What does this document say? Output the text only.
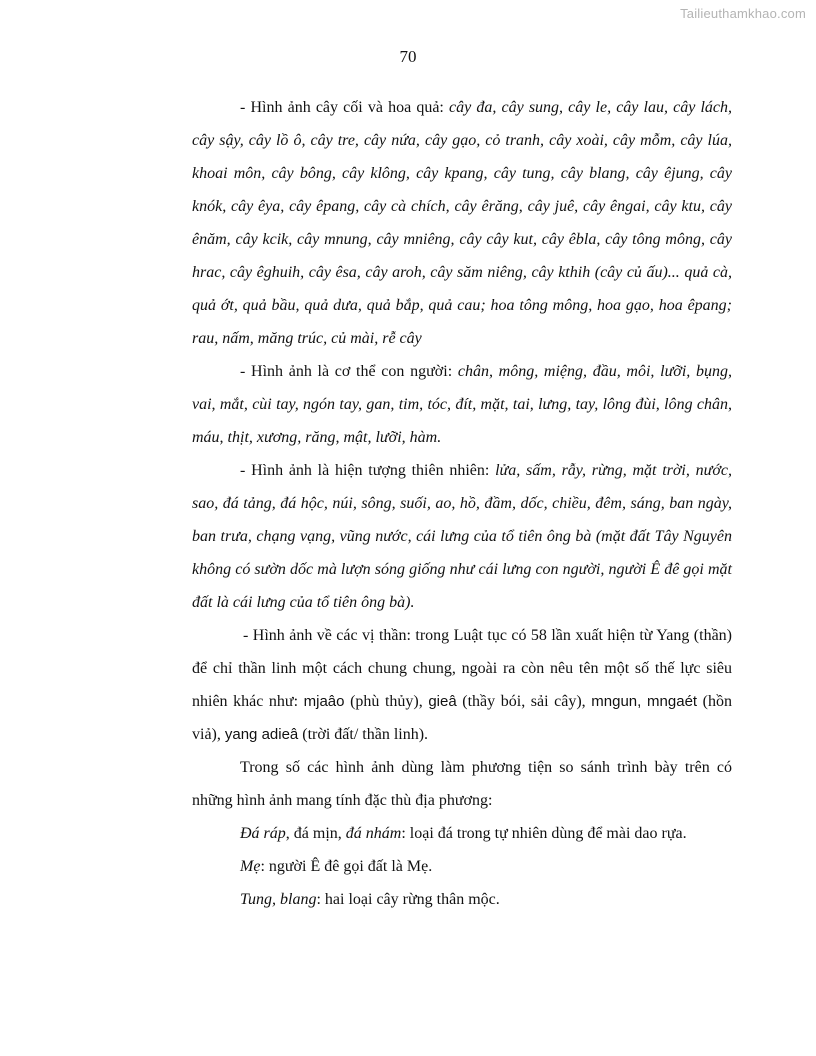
Tailieuthamkhao.com
70

- Hình ảnh cây cối và hoa quả: cây đa, cây sung, cây le, cây lau, cây lách, cây sậy, cây lồ ô, cây tre, cây nứa, cây gạo, cỏ tranh, cây xoài, cây mỗm, cây lúa, khoai môn, cây bông, cây klông, cây kpang, cây tung, cây blang, cây êjung, cây knók, cây êya, cây êpang, cây cà chích, cây êrăng, cây juê, cây êngai, cây ktu, cây ênăm, cây kcik, cây mnung, cây mniêng, cây cây kut, cây êbla, cây tông mông, cây hrac, cây êghuih, cây êsa, cây aroh, cây săm niêng, cây kthih (cây củ ấu)... quả cà, quả ớt, quả bầu, quả dưa, quả bắp, quả cau; hoa tông mông, hoa gạo, hoa êpang; rau, nấm, măng trúc, củ mài, rễ cây

- Hình ảnh là cơ thể con người: chân, mông, miệng, đầu, môi, lưỡi, bụng, vai, mắt, cùi tay, ngón tay, gan, tim, tóc, đít, mặt, tai, lưng, tay, lông đùi, lông chân, máu, thịt, xương, răng, mật, lưỡi, hàm.

- Hình ảnh là hiện tượng thiên nhiên: lửa, sấm, rẫy, rừng, mặt trời, nước, sao, đá tảng, đá hộc, núi, sông, suối, ao, hồ, đầm, dốc, chiều, đêm, sáng, ban ngày, ban trưa, chạng vạng, vũng nước, cái lưng của tổ tiên ông bà (mặt đất Tây Nguyên không có sườn dốc mà lượn sóng giống như cái lưng con người, người Ê đê gọi mặt đất là cái lưng của tổ tiên ông bà).

- Hình ảnh về các vị thần: trong Luật tục có 58 lần xuất hiện từ Yang (thần) để chỉ thần linh một cách chung chung, ngoài ra còn nêu tên một số thế lực siêu nhiên khác như: mjaâo (phù thủy), gieâ (thầy bói, sải cây), mngun, mngaét (hồn viả), yang adieâ (trời đất/ thần linh).

Trong số các hình ảnh dùng làm phương tiện so sánh trình bày trên có những hình ảnh mang tính đặc thù địa phương:

Đá ráp, đá mịn, đá nhám: loại đá trong tự nhiên dùng để mài dao rựa.

Mẹ: người Ê đê gọi đất là Mẹ.

Tung, blang: hai loại cây rừng thân mộc.
